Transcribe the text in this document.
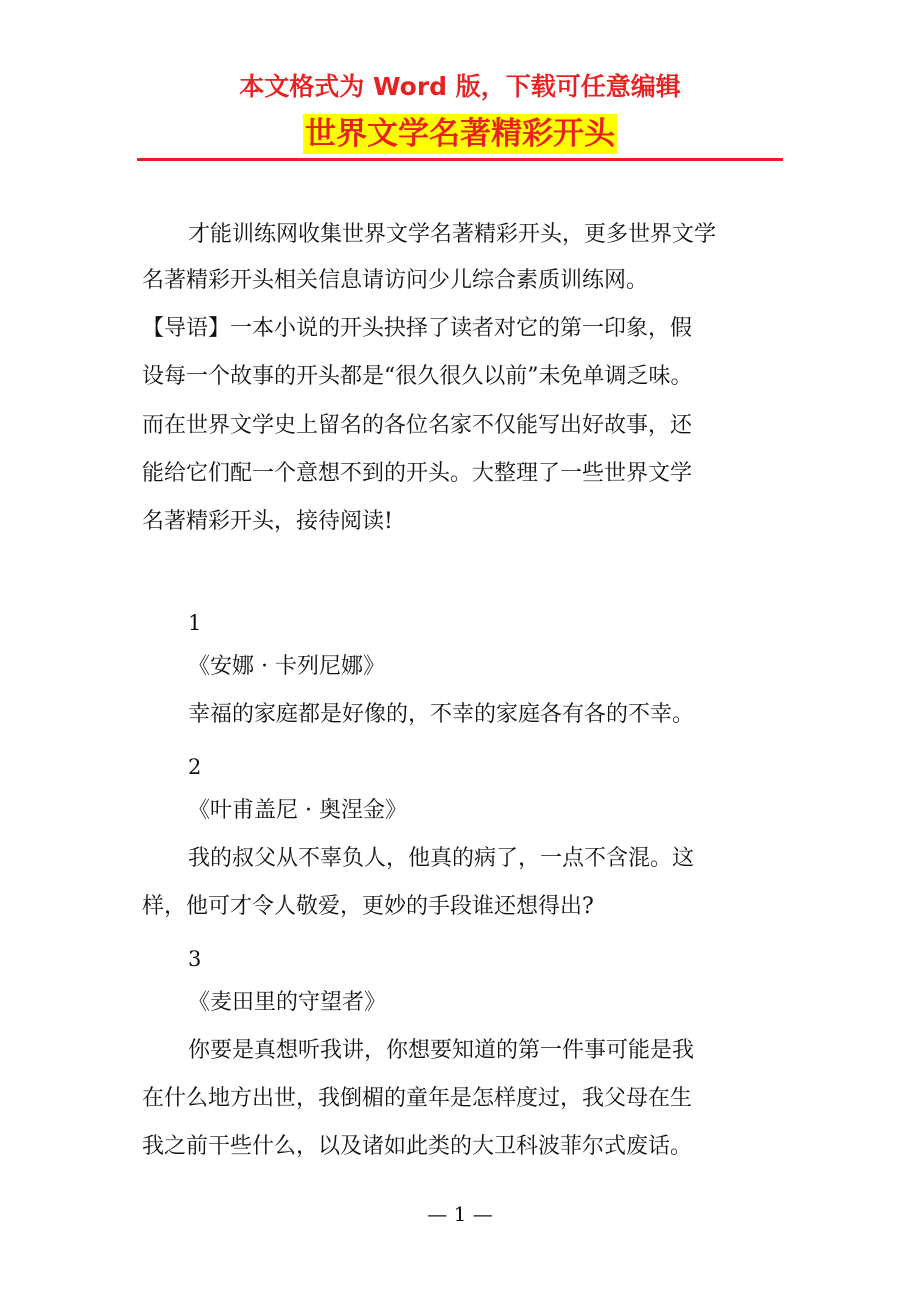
本文格式为 Word 版，下载可任意编辑
世界文学名著精彩开头
才能训练网收集世界文学名著精彩开头，更多世界文学
名著精彩开头相关信息请访问少儿综合素质训练网。
【导语】一本小说的开头抉择了读者对它的第一印象，假
设每一个故事的开头都是“很久很久以前”未免单调乏味。
而在世界文学史上留名的各位名家不仅能写出好故事，还
能给它们配一个意想不到的开头。大整理了一些世界文学
名著精彩开头，接待阅读!
1
《安娜 · 卡列尼娜》
幸福的家庭都是好像的，不幸的家庭各有各的不幸。
2
《叶甫盖尼 · 奥涅金》
我的叔父从不辜负人，他真的病了，一点不含混。这
样，他可才令人敬爱，更妙的手段谁还想得出?
3
《麦田里的守望者》
你要是真想听我讲，你想要知道的第一件事可能是我
在什么地方出世，我倒楣的童年是怎样度过，我父母在生
我之前干些什么，以及诸如此类的大卫科波菲尔式废话。
— 1 —
